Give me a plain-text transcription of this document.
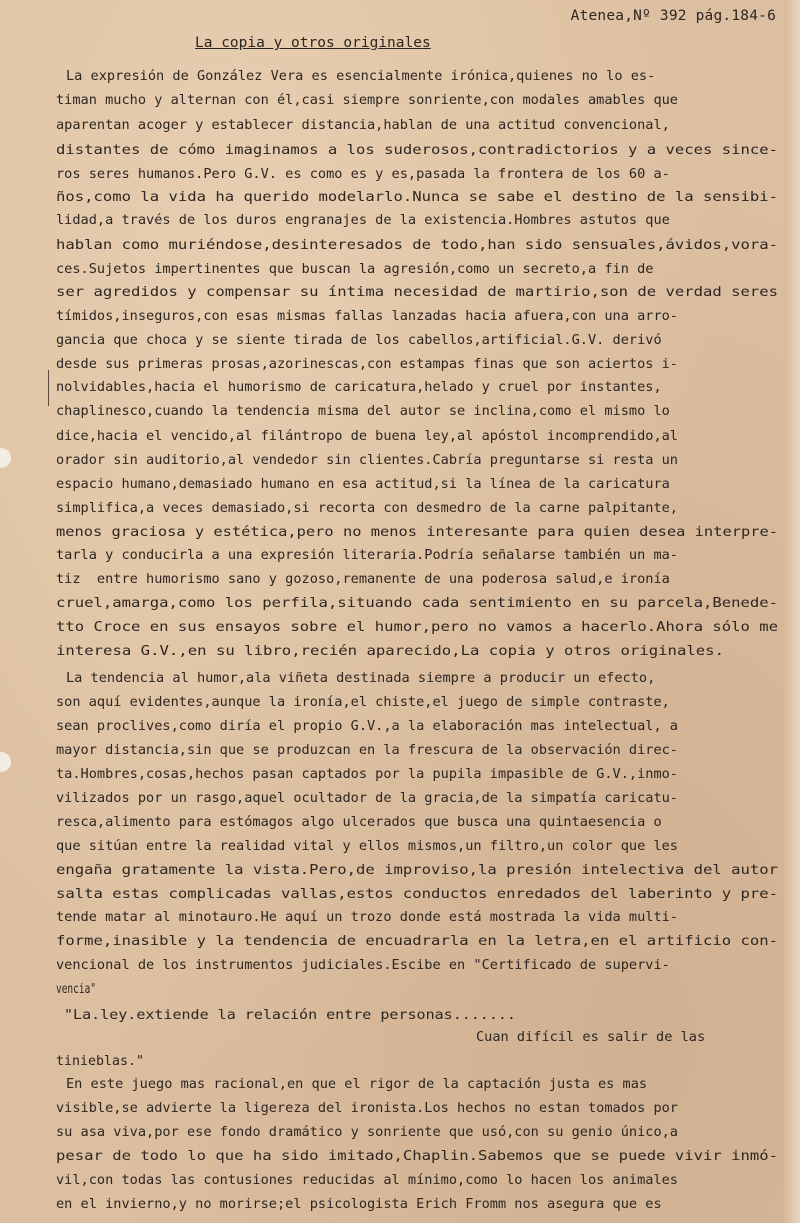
Atenea,Nº 392 pág.184-6
La copia y otros originales
La expresión de González Vera es esencialmente irónica,quienes no lo es-
timan mucho y alternan con él,casi siempre sonriente,con modales amables que
aparentan acoger y establecer distancia,hablan de una actitud convencional,
distantes de cómo imaginamos a los suderosos,contradictorios y a veces since-
ros seres humanos.Pero G.V. es como es y es,pasada la frontera de los 60 a-
ños,como la vida ha querido modelarlo.Nunca se sabe el destino de la sensibi-
lidad,a través de los duros engranajes de la existencia.Hombres astutos que
hablan como muriéndose,desinteresados de todo,han sido sensuales,ávidos,vora-
ces.Sujetos impertinentes que buscan la agresión,como un secreto,a fin de
ser agredidos y compensar su íntima necesidad de martirio,son de verdad seres
tímidos,inseguros,con esas mismas fallas lanzadas hacia afuera,con una arro-
gancia que choca y se siente tirada de los cabellos,artificial.G.V. derivó
desde sus primeras prosas,azorinescas,con estampas finas que son aciertos i-
nolvidables,hacia el humorismo de caricatura,helado y cruel por instantes,
chaplinesco,cuando la tendencia misma del autor se inclina,como el mismo lo
dice,hacia el vencido,al filántropo de buena ley,al apóstol incomprendido,al
orador sin auditorio,al vendedor sin clientes.Cabría preguntarse si resta un
espacio humano,demasiado humano en esa actitud,si la línea de la caricatura
simplifica,a veces demasiado,si recorta con desmedro de la carne palpitante,
menos graciosa y estética,pero no menos interesante para quien desea interpre-
tarla y conducirla a una expresión literaria.Podría señalarse también un ma-
tiz  entre humorismo sano y gozoso,remanente de una poderosa salud,e ironía
cruel,amarga,como los perfila,situando cada sentimiento en su parcela,Benede-
tto Croce en sus ensayos sobre el humor,pero no vamos a hacerlo.Ahora sólo me
interesa G.V.,en su libro,recién aparecido,La copia y otros originales.
La tendencia al humor,ala viñeta destinada siempre a producir un efecto,
son aquí evidentes,aunque la ironía,el chiste,el juego de simple contraste,
sean proclives,como diría el propio G.V.,a la elaboración mas intelectual, a
mayor distancia,sin que se produzcan en la frescura de la observación direc-
ta.Hombres,cosas,hechos pasan captados por la pupila impasible de G.V.,inmo-
vilizados por un rasgo,aquel ocultador de la gracia,de la simpatía caricatu-
resca,alimento para estómagos algo ulcerados que busca una quintaesencia o
que sitúan entre la realidad vital y ellos mismos,un filtro,un color que les
engaña gratamente la vista.Pero,de improviso,la presión intelectiva del autor
salta estas complicadas vallas,estos conductos enredados del laberinto y pre-
tende matar al minotauro.He aquí un trozo donde está mostrada la vida multi-
forme,inasible y la tendencia de encuadrarla en la letra,en el artificio con-
vencional de los instrumentos judiciales.Escibe en "Certificado de supervi-
vencia"
"La.ley.extiende la relación entre personas.......
Cuan difícil es salir de las
tinieblas."
En este juego mas racional,en que el rigor de la captación justa es mas
visible,se advierte la ligereza del ironista.Los hechos no estan tomados por
su asa viva,por ese fondo dramático y sonriente que usó,con su genio único,a
pesar de todo lo que ha sido imitado,Chaplin.Sabemos que se puede vivir inmó-
vil,con todas las contusiones reducidas al mínimo,como lo hacen los animales
en el invierno,y no morirse;el psicologista Erich Fromm nos asegura que es
